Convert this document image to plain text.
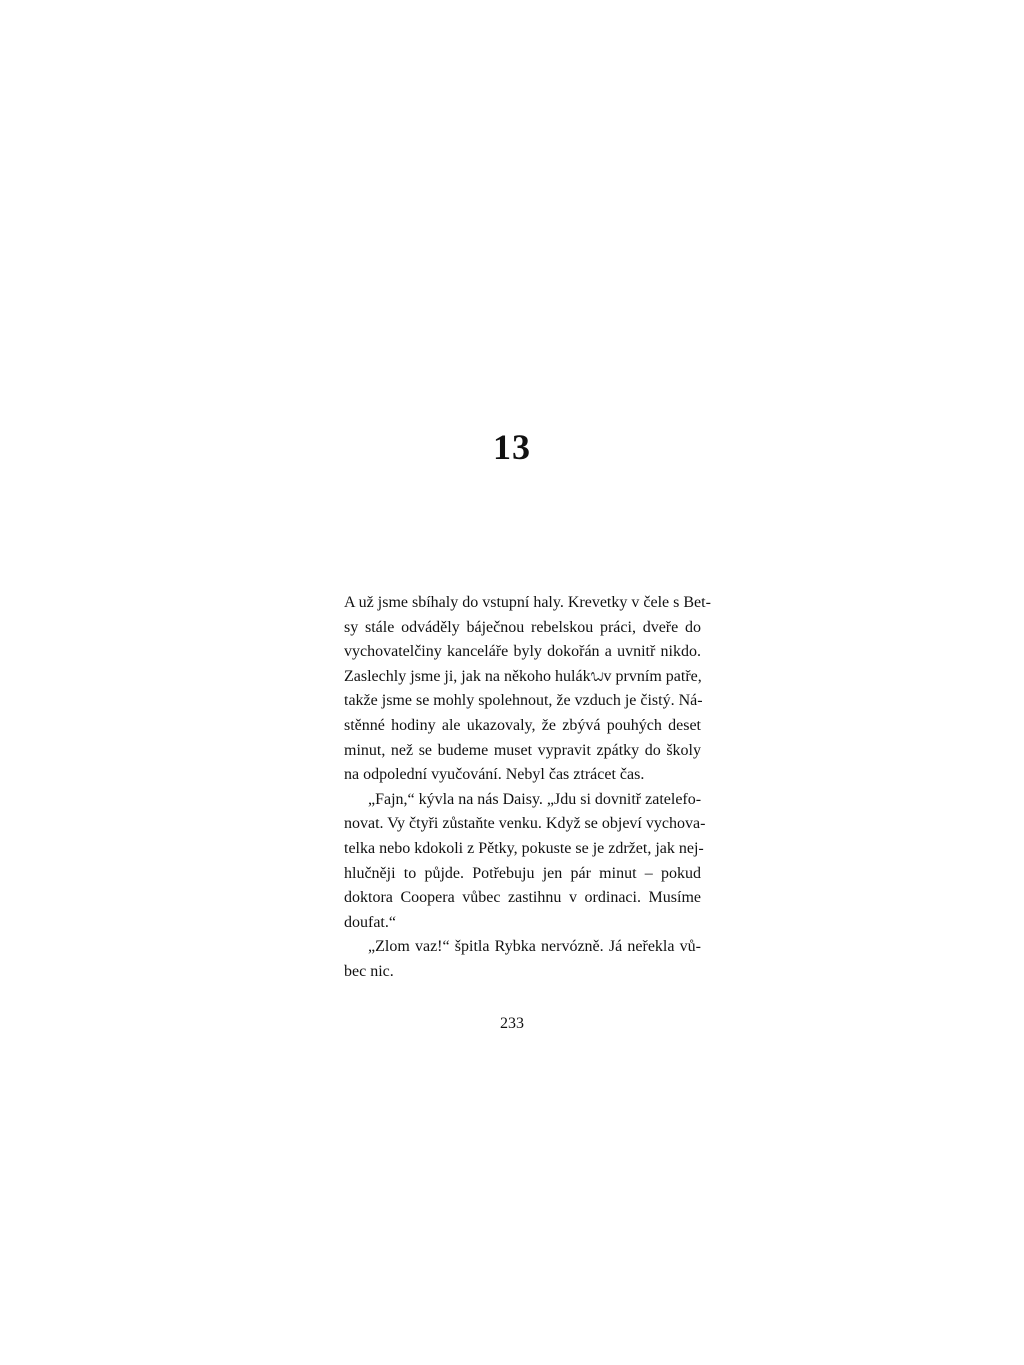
13
A už jsme sbíhaly do vstupní haly. Krevetky v čele s Bet-
sy stále odváděly báječnou rebelskou práci, dveře do
vychovatelčiny kanceláře byly dokořán a uvnitř nikdo.
Zaslechly jsme ji, jak na někoho hulákᬠv prvním patře,
takže jsme se mohly spolehnout, že vzduch je čistý. Ná-
stěnné hodiny ale ukazovaly, že zbývá pouhých deset
minut, než se budeme muset vypravit zpátky do školy
na odpolední vyučování. Nebyl čas ztrácet čas.
„Fajn,“ kývla na nás Daisy. „Jdu si dovnitř zatelefo-
novat. Vy čtyři zůstaňte venku. Když se objeví vychova-
telka nebo kdokoli z Pětky, pokuste se je zdržet, jak nej-
hlučněji to půjde. Potřebuju jen pár minut – pokud
doktora Coopera vůbec zastihnu v ordinaci. Musíme
doufat.“
„Zlom vaz!“ špitla Rybka nervózně. Já neřekla vů-
bec nic.
233
